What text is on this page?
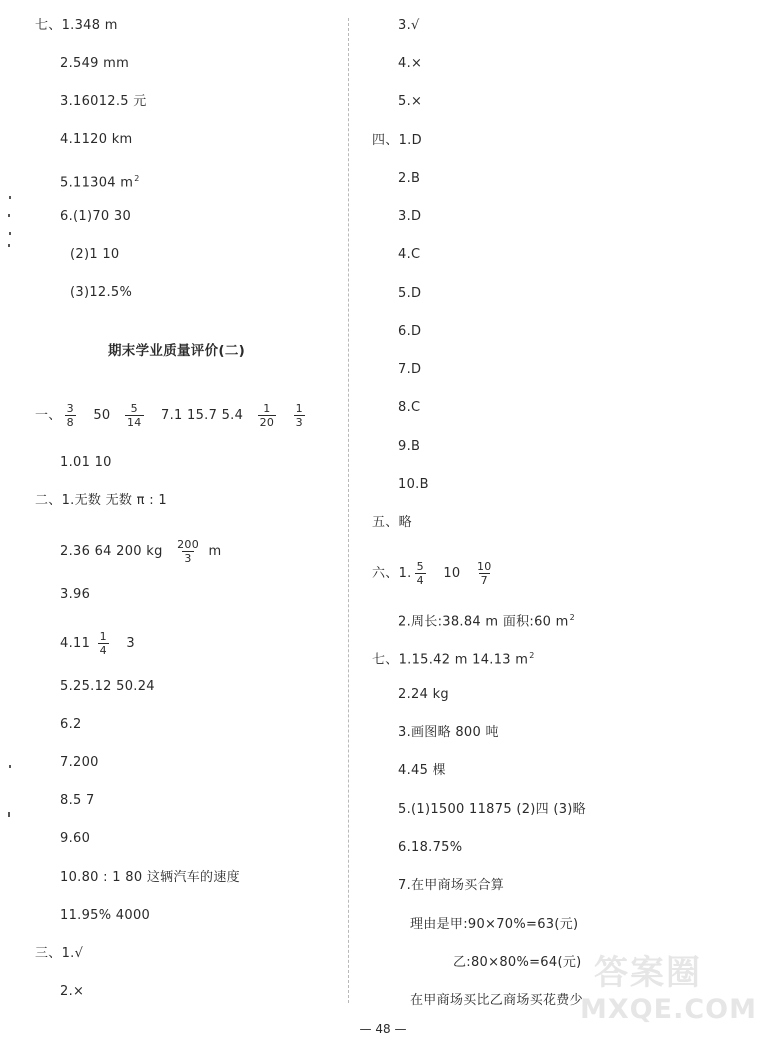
七、1.348 m
2.549 mm
3.16012.5 元
4.1120 km
5.11304 $m^2$
6.(1)70 30
(2)1 10
(3)12.5%
期末学业质量评价(二)
一、 $\frac{3}{8} 50 \frac{5}{14} 7.1$ 15.7 $5.4 \frac{1}{20}$
$\frac{1}{3}$
1.01 10
二、1.无数 无数 π : 1
2.36 64 200 kg $\frac{200}{3}$ m
3.96
$4.11 \frac{1}{4} 3$
5.25.12 50.24
6.2
7.200
8.5 7
9.60
10.80 : 1 80 这辆汽车的速度
11.95% 4000
三、1.√
2.×
3.√
4.×
5.×
四、1.D
2.B
3.D
4.C
5.D
6.D
7.D
8.C
9.B
10.B
五、略
六、1. $\frac{5}{4} 10 \frac{10}{7}$
2.周长:38.84 m 面积:60 $m^2$
七、1.15.42 m 14.13 $m^2$
2.24 kg
3.画图略 800 吨
4.45 棵
5.(1)1500 11875 (2)四 (3)略
6.18.75%
7.在甲商场买合算
理由是甲:90×70%=63(元)
乙:80×80%=64(元)
在甲商场买比乙商场买花费少
答案圈
MXQE.COM
— 48 —
